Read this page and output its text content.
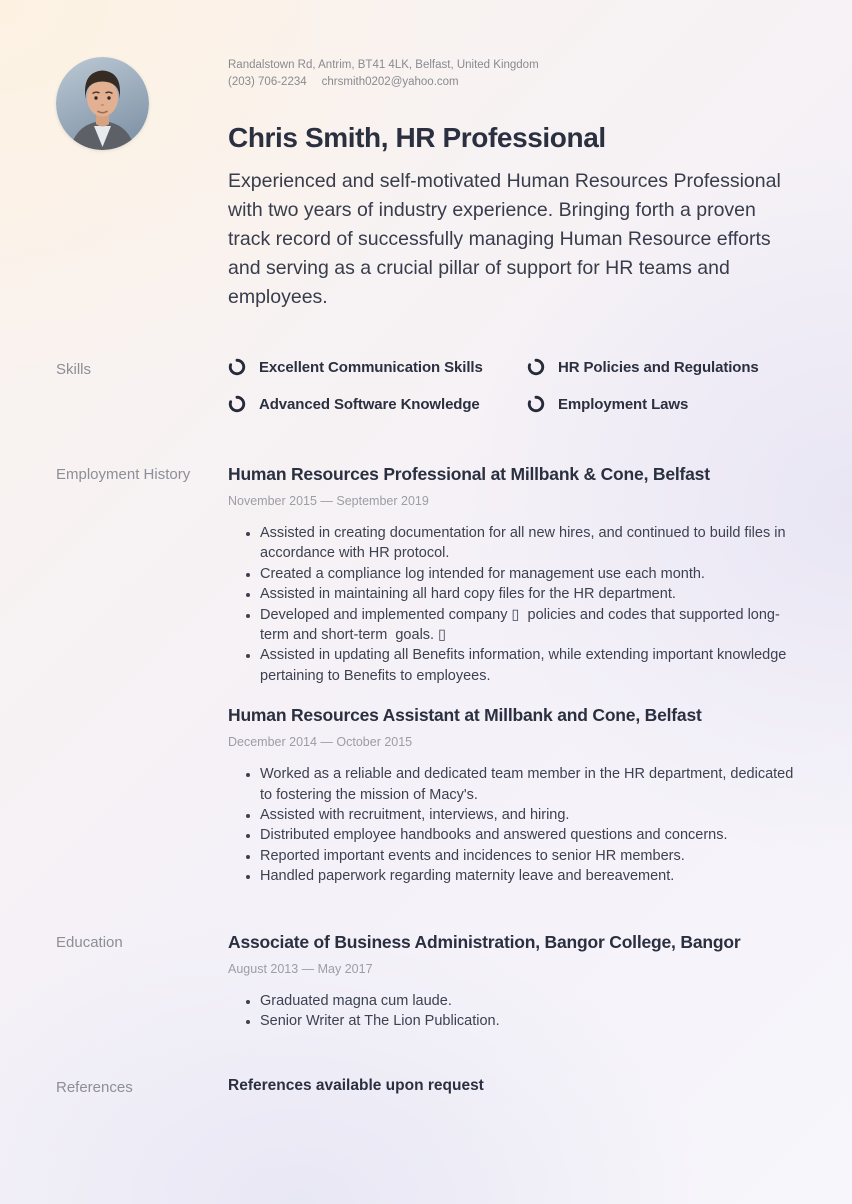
Randalstown Rd, Antrim, BT41 4LK, Belfast, United Kingdom
(203) 706-2234 chrsmith0202@yahoo.com
Chris Smith, HR Professional

Experienced and self-motivated Human Resources Professional with two years of industry experience. Bringing forth a proven track record of successfully managing Human Resource efforts and serving as a crucial pillar of support for HR teams and employees.

Skills	Excellent Communication Skills	HR Policies and Regulations
Advanced Software Knowledge	Employment Laws
Employment History	Human Resources Professional at Millbank & Cone, Belfast
November 2015 — September 2019
• Assisted in creating documentation for all new hires, and continued to build files in accordance with HR protocol.
• Created a compliance log intended for management use each month.
• Assisted in maintaining all hard copy files for the HR department.
• Developed and implemented company ▯  policies and codes that supported long-term and short-term  goals. ▯
• Assisted in updating all Benefits information, while extending important knowledge pertaining to Benefits to employees.
Human Resources Assistant at Millbank and Cone, Belfast
December 2014 — October 2015
• Worked as a reliable and dedicated team member in the HR department, dedicated to fostering the mission of Macy's.
• Assisted with recruitment, interviews, and hiring.
• Distributed employee handbooks and answered questions and concerns.
• Reported important events and incidences to senior HR members.
• Handled paperwork regarding maternity leave and bereavement.
Education	Associate of Business Administration, Bangor College, Bangor
August 2013 — May 2017
• Graduated magna cum laude.
• Senior Writer at The Lion Publication.
References	References available upon request
